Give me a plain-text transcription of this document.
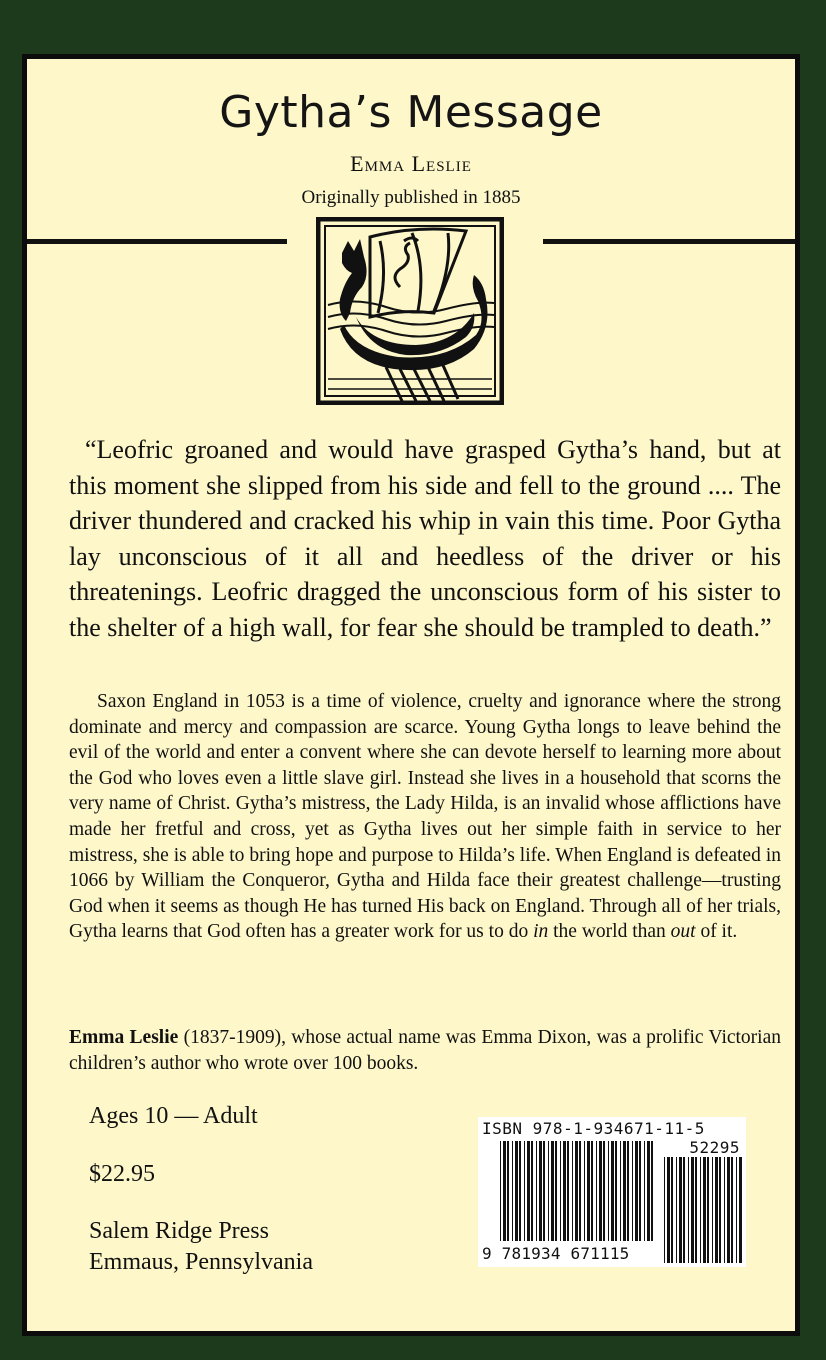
Gytha’s Message
Emma Leslie
Originally published in 1885

“Leofric groaned and would have grasped Gytha’s hand, but at this moment she slipped from his side and fell to the ground .... The driver thundered and cracked his whip in vain this time. Poor Gytha lay unconscious of it all and heedless of the driver or his threatenings. Leofric dragged the unconscious form of his sister to the shelter of a high wall, for fear she should be trampled to death.”

Saxon England in 1053 is a time of violence, cruelty and ignorance where the strong dominate and mercy and compassion are scarce. Young Gytha longs to leave behind the evil of the world and enter a convent where she can devote herself to learning more about the God who loves even a little slave girl. Instead she lives in a household that scorns the very name of Christ. Gytha’s mistress, the Lady Hilda, is an invalid whose afflictions have made her fretful and cross, yet as Gytha lives out her simple faith in service to her mistress, she is able to bring hope and purpose to Hilda’s life. When England is defeated in 1066 by William the Conqueror, Gytha and Hilda face their greatest challenge—trusting God when it seems as though He has turned His back on England. Through all of her trials, Gytha learns that God often has a greater work for us to do in the world than out of it.

Emma Leslie (1837-1909), whose actual name was Emma Dixon, was a prolific Victorian children’s author who wrote over 100 books.

Ages 10 — Adult
$22.95
Salem Ridge Press
Emmaus, Pennsylvania
ISBN 978-1-934671-11-5
52295
9 781934 671115
